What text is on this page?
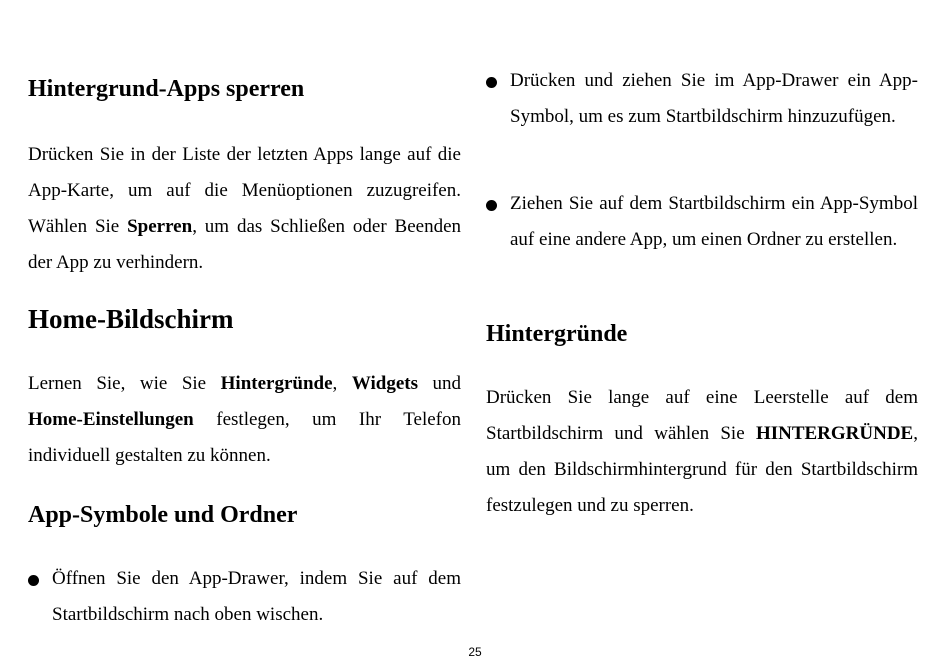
Hintergrund-Apps sperren

Drücken Sie in der Liste der letzten Apps lange auf die App-Karte, um auf die Menüoptionen zuzugreifen. Wählen Sie Sperren, um das Schließen oder Beenden der App zu verhindern.

Home-Bildschirm

Lernen Sie, wie Sie Hintergründe, Widgets und Home-Einstellungen festlegen, um Ihr Telefon individuell gestalten zu können.

App-Symbole und Ordner
Öffnen Sie den App-Drawer, indem Sie auf dem Startbildschirm nach oben wischen.
Drücken und ziehen Sie im App-Drawer ein App-Symbol, um es zum Startbildschirm hinzuzufügen.
Ziehen Sie auf dem Startbildschirm ein App-Symbol auf eine andere App, um einen Ordner zu erstellen.
Hintergründe

Drücken Sie lange auf eine Leerstelle auf dem Startbildschirm und wählen Sie HINTERGRÜNDE, um den Bildschirmhintergrund für den Startbildschirm festzulegen und zu sperren.

25
